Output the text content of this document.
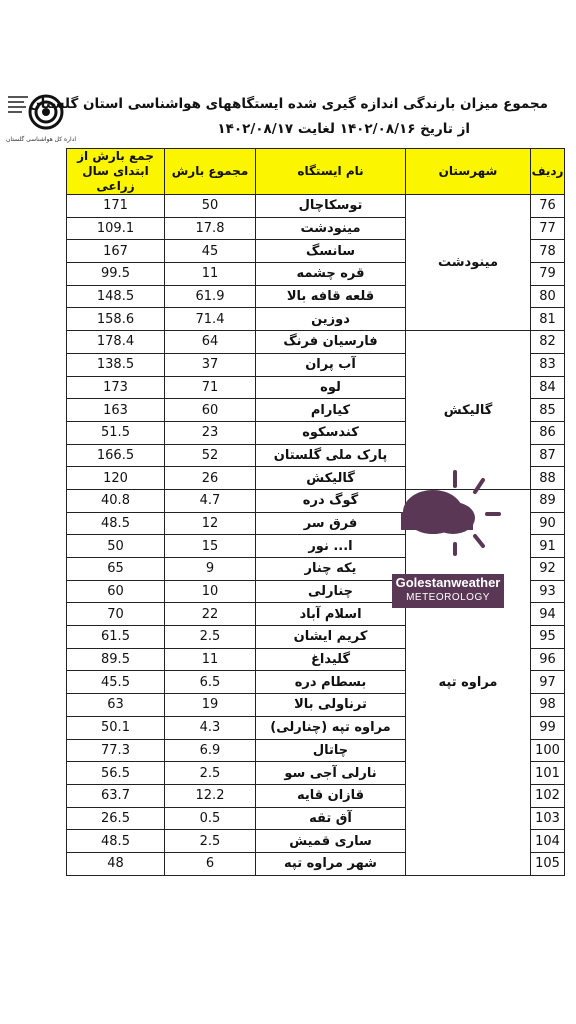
اداره کل هواشناسی گلستان
مجموع میزان بارندگی اندازه گیری شده ایستگاههای هواشناسی استان گلستان
از تاریخ ۱۴۰۲/۰۸/۱۶ لغایت ۱۴۰۲/۰۸/۱۷
جمع بارش از ابتدای سال زراعی	مجموع بارش	نام ایستگاه	شهرستان	ردیف
171	50	توسکاچال	مینودشت	76
109.1	17.8	مینودشت		77
167	45	سانسگ		78
99.5	11	قره چشمه		79
148.5	61.9	قلعه قافه بالا		80
158.6	71.4	دوزین		81
178.4	64	فارسیان فرنگ	گالیکش	82
138.5	37	آب پران		83
173	71	لوه		84
163	60	کیارام		85
51.5	23	کندسکوه		86
166.5	52	پارک ملی گلستان		87
120	26	گالیکش		88
40.8	4.7	گوگ دره	مراوه تپه	89
48.5	12	فرق سر		90
50	15	ا... نور		91
65	9	یکه چنار		92
60	10	چنارلی		93
70	22	اسلام آباد		94
61.5	2.5	کریم ایشان		95
89.5	11	گلیداغ		96
45.5	6.5	بسطام دره		97
63	19	ترناولی بالا		98
50.1	4.3	مراوه تپه (چنارلی)		99
77.3	6.9	چاتال		100
56.5	2.5	نارلی آجی سو		101
63.7	12.2	قازان قایه		102
26.5	0.5	آق تقه		103
48.5	2.5	ساری قمیش		104
48	6	شهر مراوه تپه		105
Golestanweather
METEOROLOGY
